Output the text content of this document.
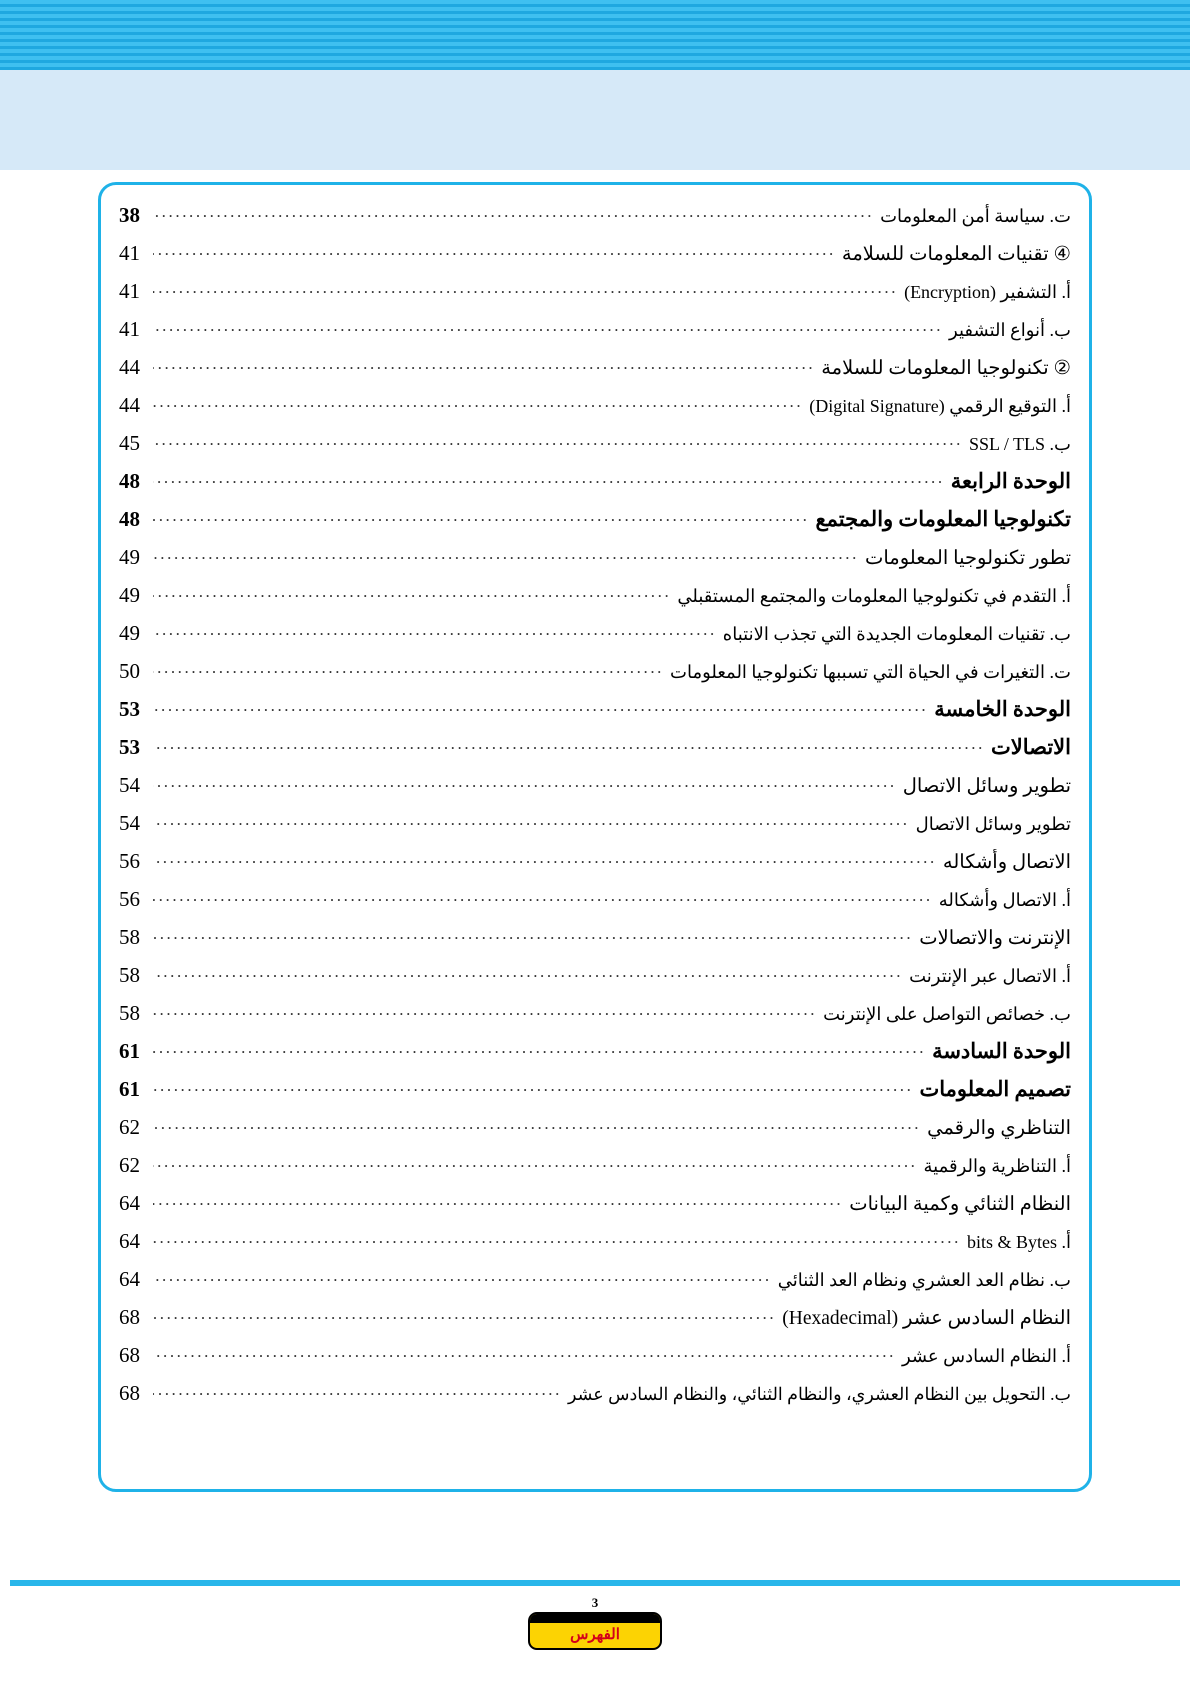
ت. سياسة أمن المعلومات
.....
38
④ تقنيات المعلومات للسلامة
.....
41
أ. التشفير (Encryption)
.....
41
ب. أنواع التشفير
.....
41
② تكنولوجيا المعلومات للسلامة
.....
44
أ. التوقيع الرقمي (Digital Signature)
.....
44
ب. SSL / TLS
.....
45
الوحدة الرابعة
.....
48
تكنولوجيا المعلومات والمجتمع
.....
48
تطور تكنولوجيا المعلومات
.....
49
أ. التقدم في تكنولوجيا المعلومات والمجتمع المستقبلي
.....
49
ب. تقنيات المعلومات الجديدة التي تجذب الانتباه
.....
49
ت. التغيرات في الحياة التي تسببها تكنولوجيا المعلومات
.....
50
الوحدة الخامسة
.....
53
الاتصالات
.....
53
تطوير وسائل الاتصال
.....
54
تطوير وسائل الاتصال
.....
54
الاتصال وأشكاله
.....
56
أ. الاتصال وأشكاله
.....
56
الإنترنت والاتصالات
.....
58
أ. الاتصال عبر الإنترنت
.....
58
ب. خصائص التواصل على الإنترنت
.....
58
الوحدة السادسة
.....
61
تصميم المعلومات
.....
61
التناظري والرقمي
.....
62
أ. التناظرية والرقمية
.....
62
النظام الثنائي وكمية البيانات
.....
64
أ. bits & Bytes
.....
64
ب. نظام العد العشري ونظام العد الثنائي
.....
64
النظام السادس عشر (Hexadecimal)
.....
68
أ. النظام السادس عشر
.....
68
ب. التحويل بين النظام العشري، والنظام الثنائي، والنظام السادس عشر
.....
68
3
الفهرس
